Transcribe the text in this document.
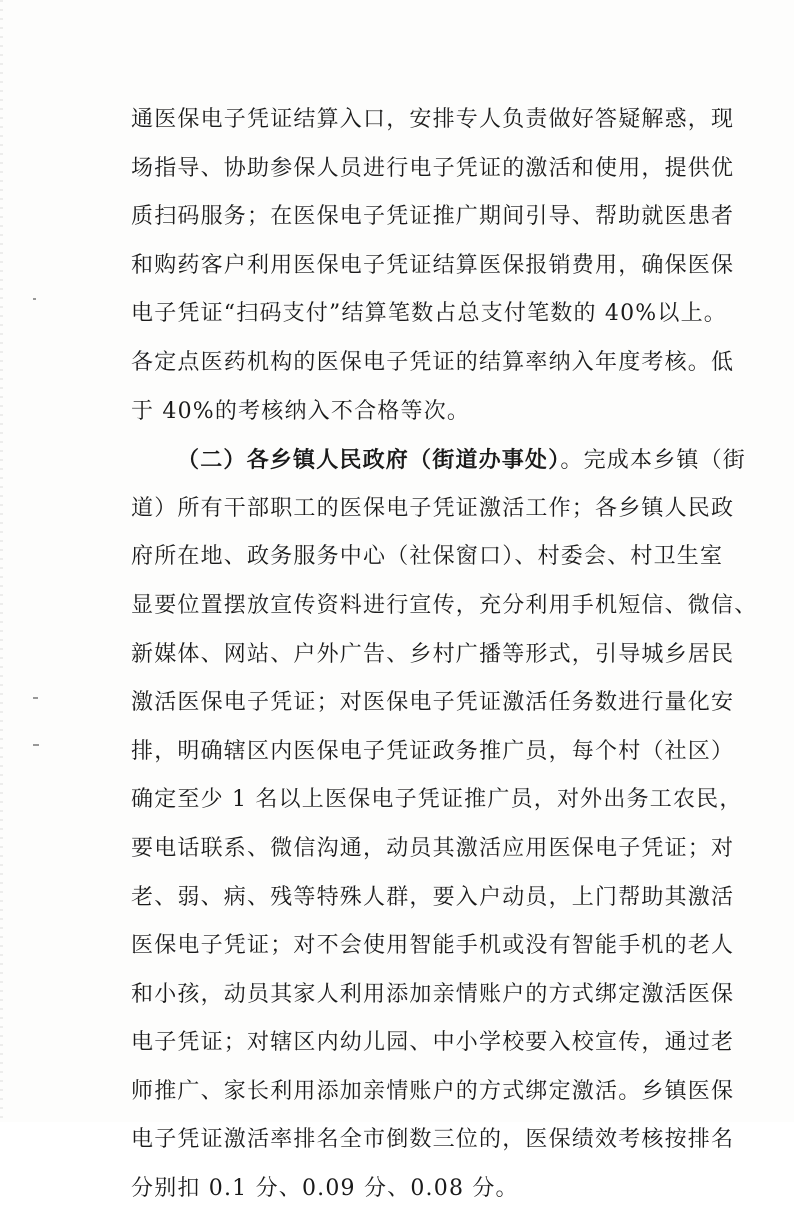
通医保电子凭证结算入口，安排专人负责做好答疑解惑，现
场指导、协助参保人员进行电子凭证的激活和使用，提供优
质扫码服务；在医保电子凭证推广期间引导、帮助就医患者
和购药客户利用医保电子凭证结算医保报销费用，确保医保
电子凭证“扫码支付”结算笔数占总支付笔数的 40%以上。
各定点医药机构的医保电子凭证的结算率纳入年度考核。低
于 40%的考核纳入不合格等次。
（二）各乡镇人民政府（街道办事处）。完成本乡镇（街
道）所有干部职工的医保电子凭证激活工作；各乡镇人民政
府所在地、政务服务中心（社保窗口）、村委会、村卫生室
显要位置摆放宣传资料进行宣传，充分利用手机短信、微信、
新媒体、网站、户外广告、乡村广播等形式，引导城乡居民
激活医保电子凭证；对医保电子凭证激活任务数进行量化安
排，明确辖区内医保电子凭证政务推广员，每个村（社区）
确定至少 1 名以上医保电子凭证推广员，对外出务工农民，
要电话联系、微信沟通，动员其激活应用医保电子凭证；对
老、弱、病、残等特殊人群，要入户动员，上门帮助其激活
医保电子凭证；对不会使用智能手机或没有智能手机的老人
和小孩，动员其家人利用添加亲情账户的方式绑定激活医保
电子凭证；对辖区内幼儿园、中小学校要入校宣传，通过老
师推广、家长利用添加亲情账户的方式绑定激活。乡镇医保
电子凭证激活率排名全市倒数三位的，医保绩效考核按排名
分别扣 0.1 分、0.09 分、0.08 分。
